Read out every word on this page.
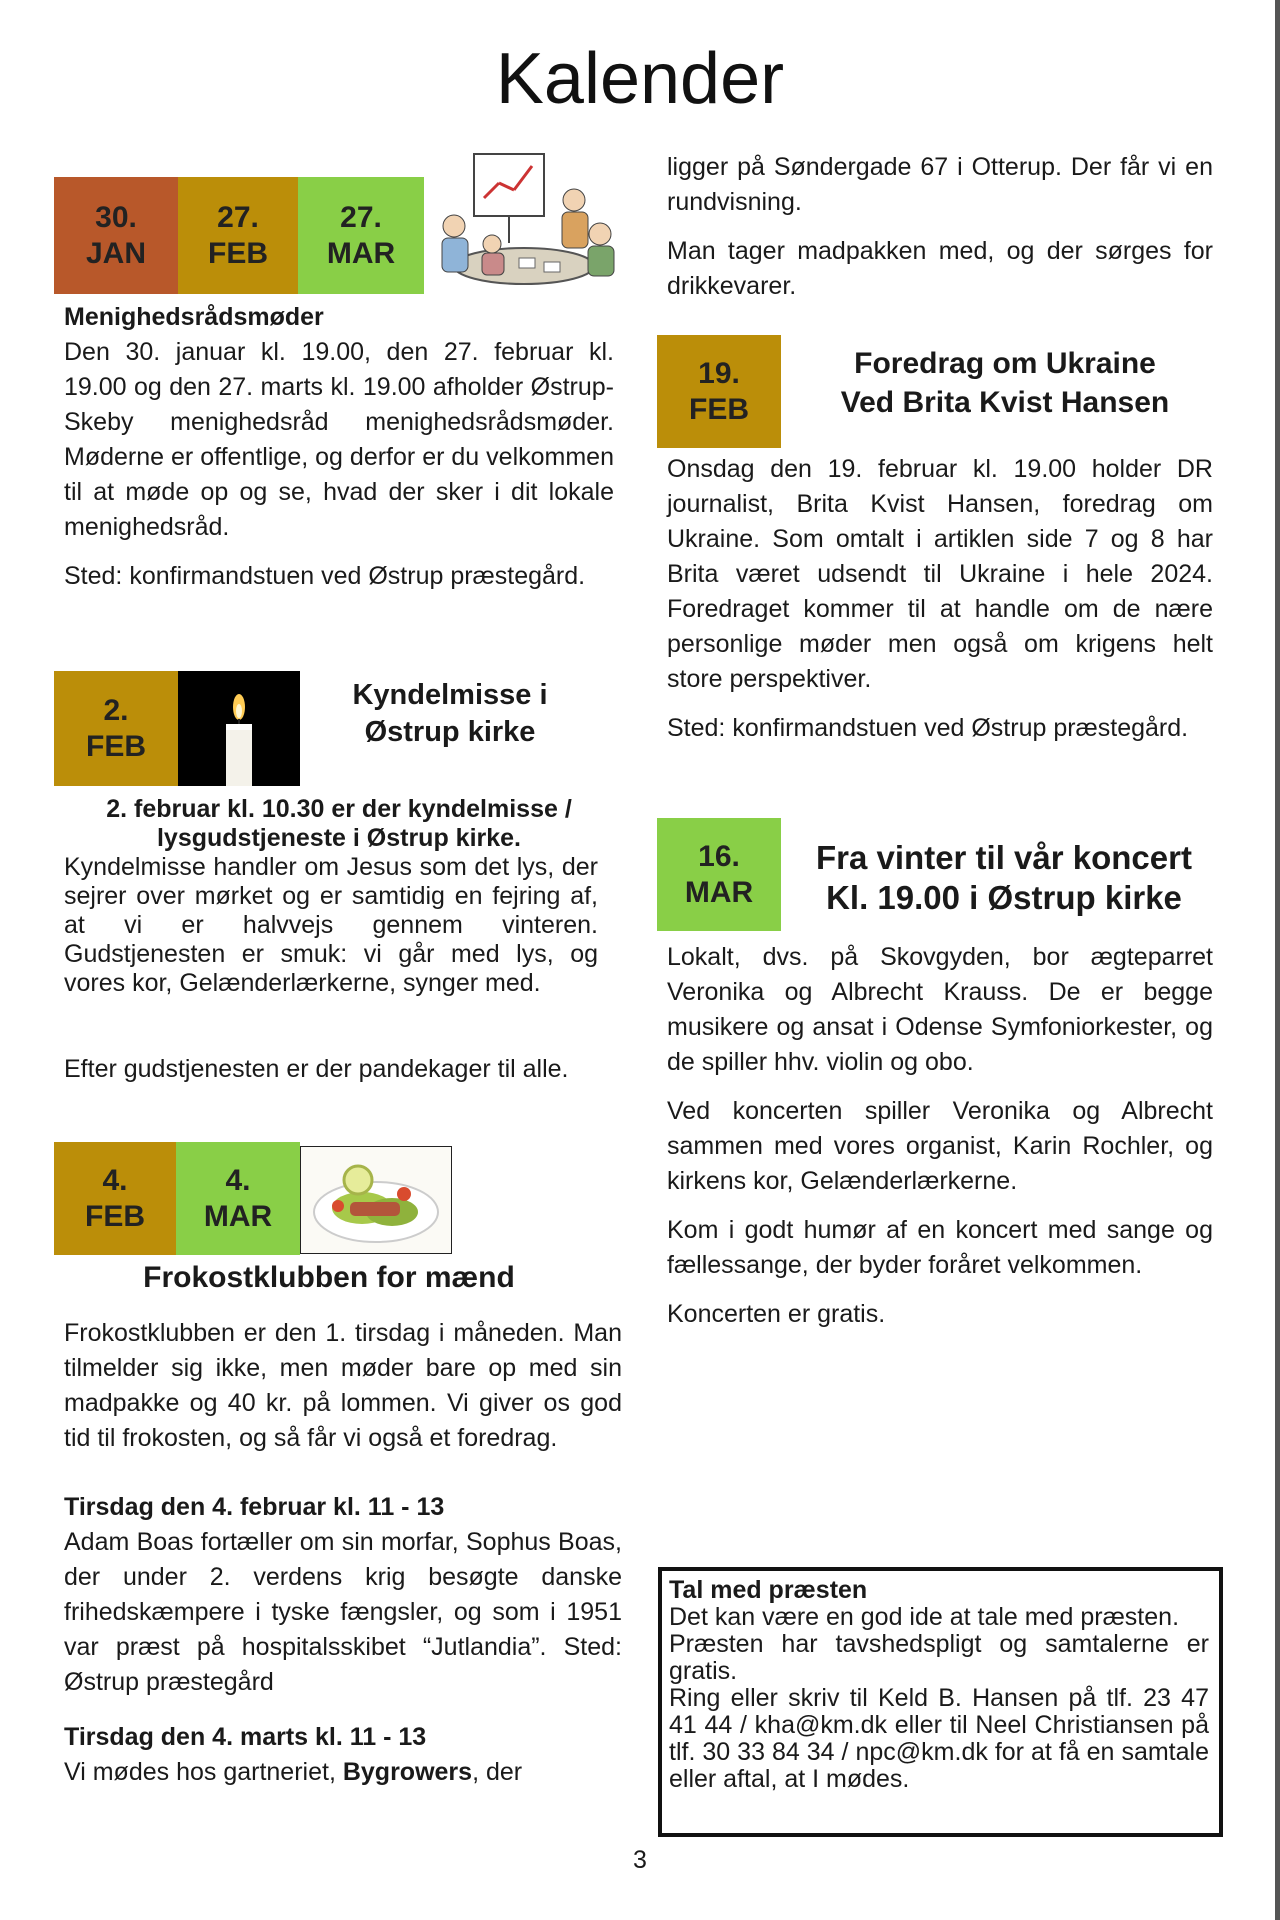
Kalender
30.
JAN
27.
FEB
27.
MAR
Menighedsrådsmøder
Den 30. januar kl. 19.00, den 27. februar kl. 19.00 og den 27. marts kl. 19.00 afholder Østrup-Skeby menighedsråd menighedsrådsmøder. Møderne er offentlige, og derfor er du velkommen til at møde op og se, hvad der sker i dit lokale menighedsråd.
Sted: konfirmandstuen ved Østrup præstegård.
2.
FEB
Kyndelmisse i
Østrup kirke
2. februar kl. 10.30 er der kyndelmisse / lysgudstjeneste i Østrup kirke.
Kyndelmisse handler om Jesus som det lys, der sejrer over mørket og er samtidig en fejring af, at vi er halvvejs gennem vinteren. Gudstjenesten er smuk: vi går med lys, og vores kor, Gelænderlærkerne, synger med.
Efter gudstjenesten er der pandekager til alle.
4.
FEB
4.
MAR
Frokostklubben for mænd
Frokostklubben er den 1. tirsdag i måneden. Man tilmelder sig ikke, men møder bare op med sin madpakke og 40 kr. på lommen. Vi giver os god tid til frokosten, og så får vi også et foredrag.
Tirsdag den 4. februar kl. 11 - 13
Adam Boas fortæller om sin morfar, Sophus Boas, der under 2. verdens krig besøgte danske frihedskæmpere i tyske fængsler, og som i 1951 var præst på hospitalsskibet “Jutlandia”. Sted: Østrup præstegård
Tirsdag den 4. marts kl. 11 - 13
Vi mødes hos gartneriet, Bygrowers, der
ligger på Søndergade 67 i Otterup. Der får vi en rundvisning.
Man tager madpakken med, og der sørges for drikkevarer.
19.
FEB
Foredrag om Ukraine
Ved Brita Kvist Hansen
Onsdag den 19. februar kl. 19.00 holder DR journalist, Brita Kvist Hansen, foredrag om Ukraine. Som omtalt i artiklen side 7 og 8 har Brita været udsendt til Ukraine i hele 2024. Foredraget kommer til at handle om de nære personlige møder men også om krigens helt store perspektiver.
Sted: konfirmandstuen ved Østrup præstegård.
16.
MAR
Fra vinter til vår koncert
Kl. 19.00 i Østrup kirke
Lokalt, dvs. på Skovgyden, bor ægteparret Veronika og Albrecht Krauss. De er begge musikere og ansat i Odense Symfoniorkester, og de spiller hhv. violin og obo.
Ved koncerten spiller Veronika og Albrecht sammen med vores organist, Karin Rochler, og kirkens kor, Gelænderlærkerne.
Kom i godt humør af en koncert med sange og fællessange, der byder foråret velkommen.
Koncerten er gratis.
Tal med præsten
Det kan være en god ide at tale med præsten.
Præsten har tavshedspligt og samtalerne er gratis.
Ring eller skriv til Keld B. Hansen på tlf. 23 47 41 44 / kha@km.dk eller til Neel Christiansen på tlf. 30 33 84 34 / npc@km.dk for at få en samtale eller aftal, at I mødes.
3
